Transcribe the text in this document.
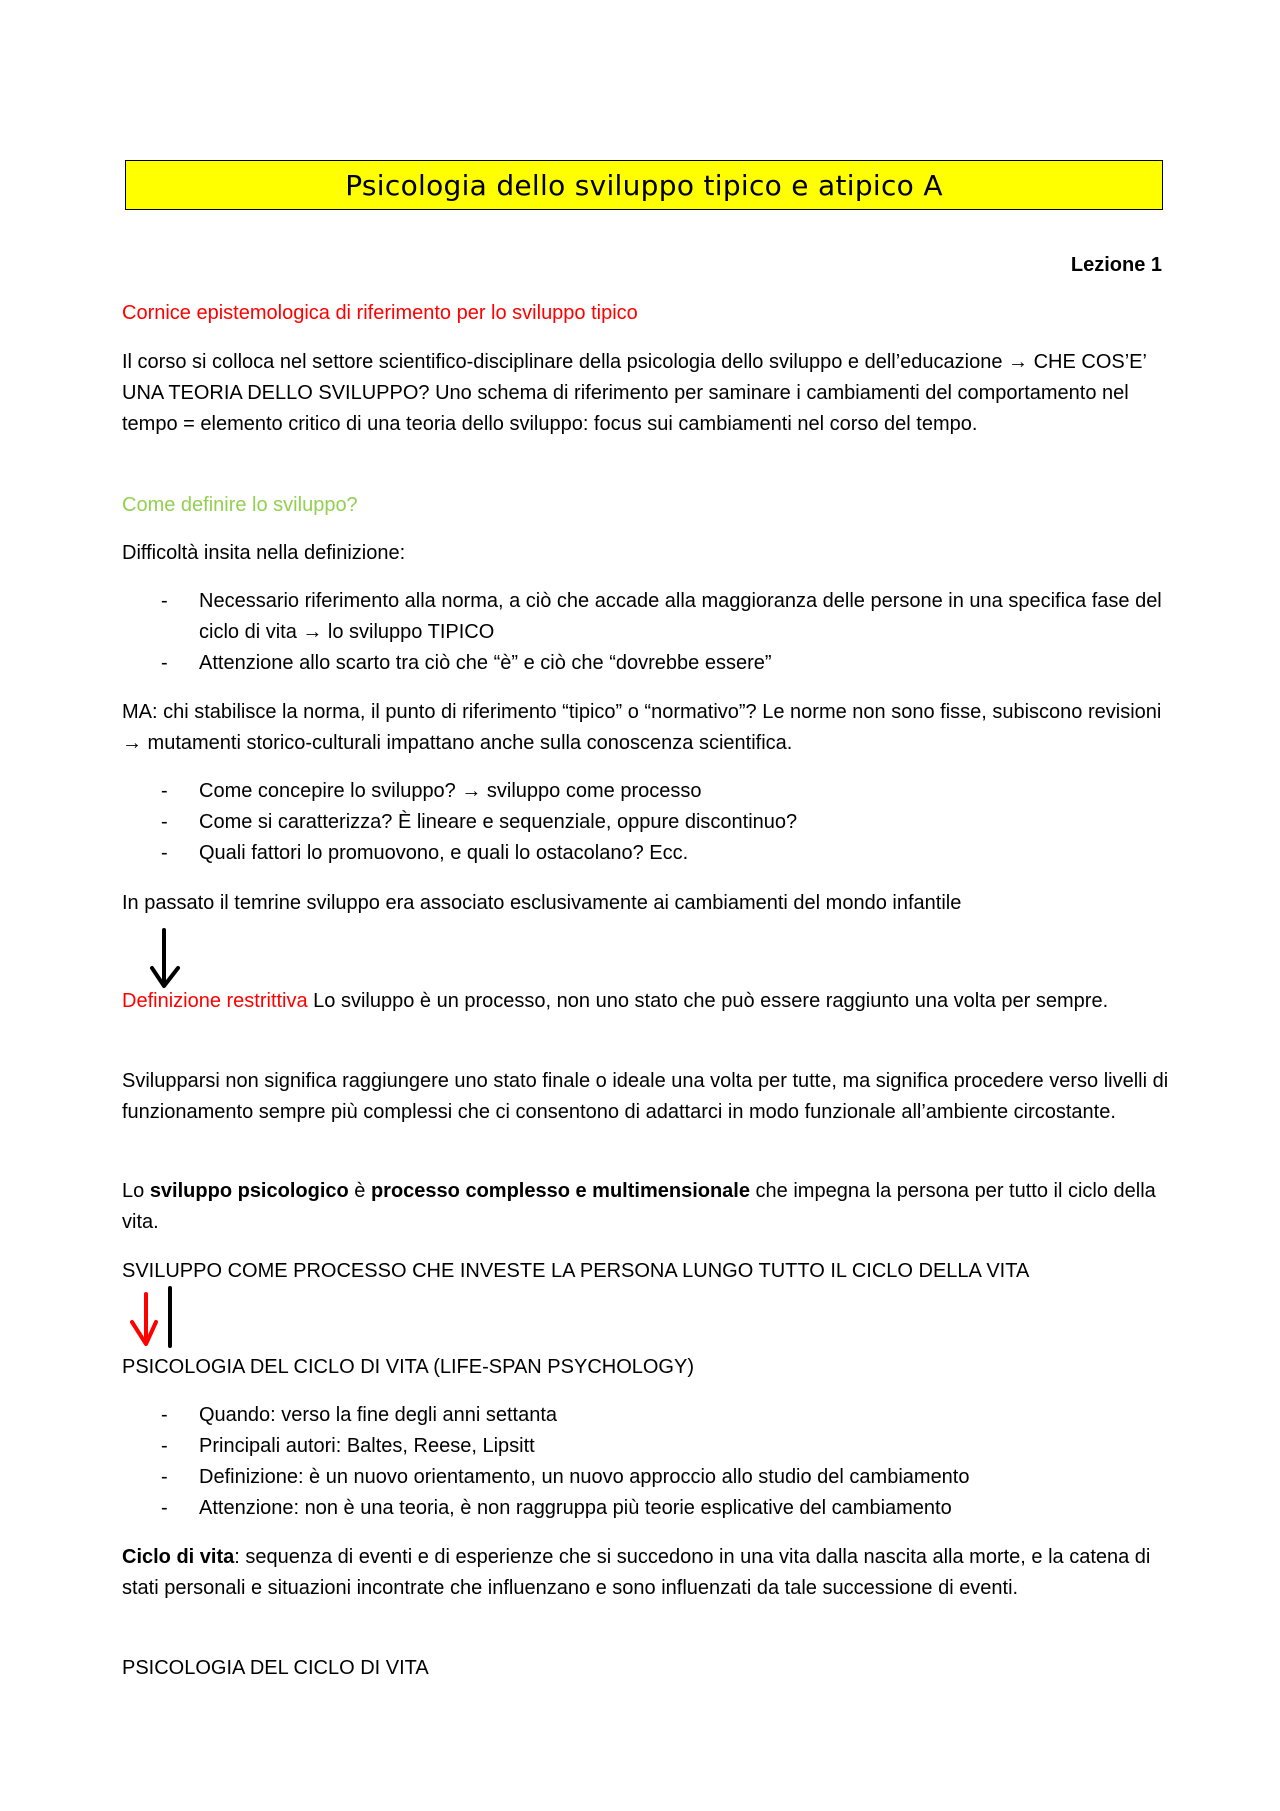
Psicologia dello sviluppo tipico e atipico A
Lezione 1
Cornice epistemologica di riferimento per lo sviluppo tipico
Il corso si colloca nel settore scientifico-disciplinare della psicologia dello sviluppo e dell’educazione → CHE COS’E’ UNA TEORIA DELLO SVILUPPO? Uno schema di riferimento per saminare i cambiamenti del comportamento nel tempo = elemento critico di una teoria dello sviluppo: focus sui cambiamenti nel corso del tempo.
Come definire lo sviluppo?
Difficoltà insita nella definizione:
- Necessario riferimento alla norma, a ciò che accade alla maggioranza delle persone in una specifica fase del ciclo di vita → lo sviluppo TIPICO
- Attenzione allo scarto tra ciò che “è” e ciò che “dovrebbe essere”
MA: chi stabilisce la norma, il punto di riferimento “tipico” o “normativo”? Le norme non sono fisse, subiscono revisioni → mutamenti storico-culturali impattano anche sulla conoscenza scientifica.
- Come concepire lo sviluppo? → sviluppo come processo
- Come si caratterizza? È lineare e sequenziale, oppure discontinuo?
- Quali fattori lo promuovono, e quali lo ostacolano? Ecc.
In passato il temrine sviluppo era associato esclusivamente ai cambiamenti del mondo infantile
Definizione restrittiva Lo sviluppo è un processo, non uno stato che può essere raggiunto una volta per sempre.
Svilupparsi non significa raggiungere uno stato finale o ideale una volta per tutte, ma significa procedere verso livelli di funzionamento sempre più complessi che ci consentono di adattarci in modo funzionale all’ambiente circostante.
Lo sviluppo psicologico è processo complesso e multimensionale che impegna la persona per tutto il ciclo della vita.
SVILUPPO COME PROCESSO CHE INVESTE LA PERSONA LUNGO TUTTO IL CICLO DELLA VITA
PSICOLOGIA DEL CICLO DI VITA (LIFE-SPAN PSYCHOLOGY)
- Quando: verso la fine degli anni settanta
- Principali autori: Baltes, Reese, Lipsitt
- Definizione: è un nuovo orientamento, un nuovo approccio allo studio del cambiamento
- Attenzione: non è una teoria, è non raggruppa più teorie esplicative del cambiamento
Ciclo di vita: sequenza di eventi e di esperienze che si succedono in una vita dalla nascita alla morte, e la catena di stati personali e situazioni incontrate che influenzano e sono influenzati da tale successione di eventi.
PSICOLOGIA DEL CICLO DI VITA
